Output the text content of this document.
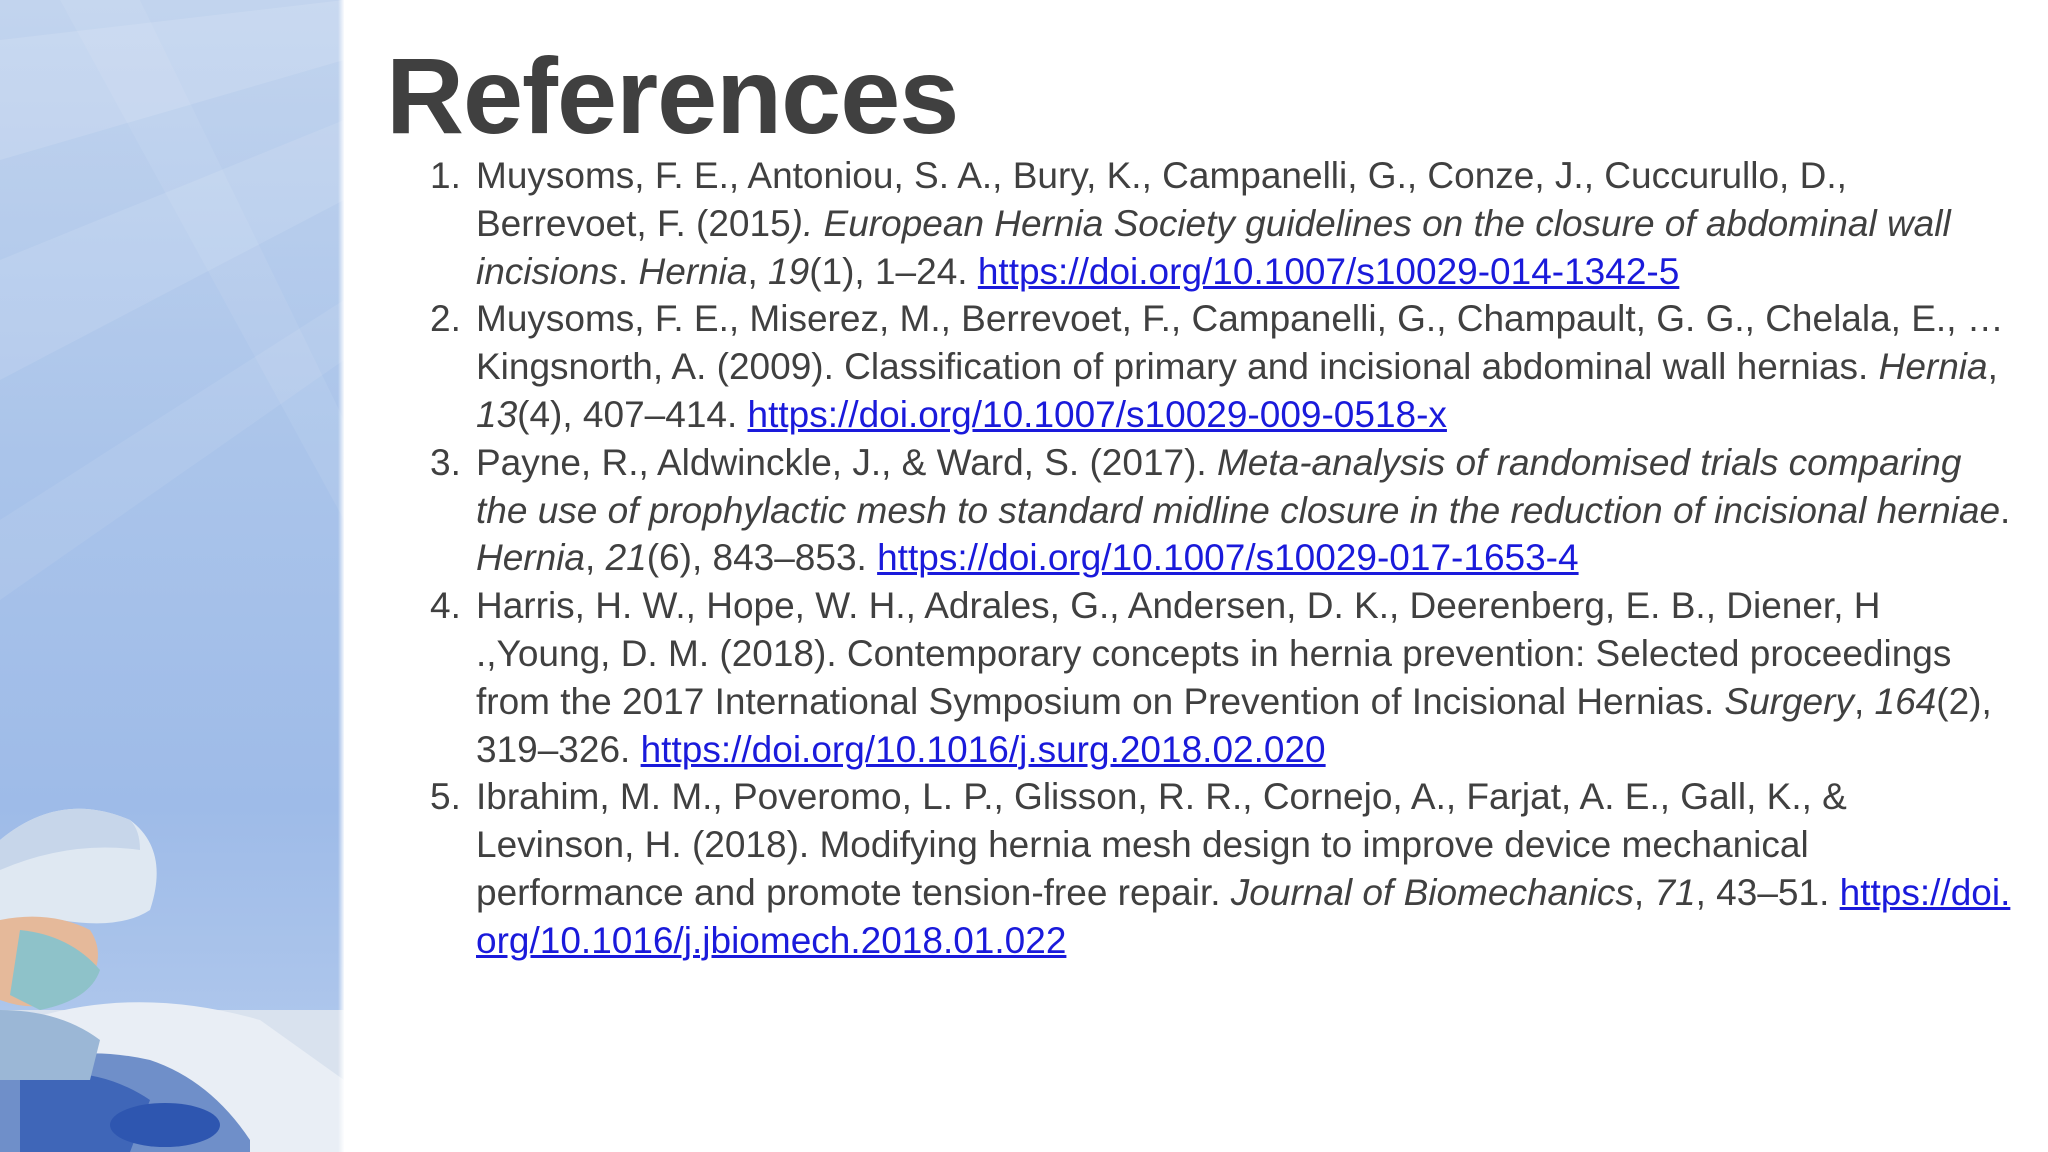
References
1. Muysoms, F. E., Antoniou, S. A., Bury, K., Campanelli, G., Conze, J., Cuccurullo, D., Berrevoet, F. (2015). European Hernia Society guidelines on the closure of abdominal wall incisions. Hernia, 19(1), 1–24. https://doi.org/10.1007/s10029-014-1342-5
2. Muysoms, F. E., Miserez, M., Berrevoet, F., Campanelli, G., Champault, G. G., Chelala, E., … Kingsnorth, A. (2009). Classification of primary and incisional abdominal wall hernias. Hernia, 13(4), 407–414. https://doi.org/10.1007/s10029-009-0518-x
3. Payne, R., Aldwinckle, J., & Ward, S. (2017). Meta-analysis of randomised trials comparing the use of prophylactic mesh to standard midline closure in the reduction of incisional herniae. Hernia, 21(6), 843–853. https://doi.org/10.1007/s10029-017-1653-4
4. Harris, H. W., Hope, W. H., Adrales, G., Andersen, D. K., Deerenberg, E. B., Diener, H .,Young, D. M. (2018). Contemporary concepts in hernia prevention: Selected proceedings from the 2017 International Symposium on Prevention of Incisional Hernias. Surgery, 164(2), 319–326. https://doi.org/10.1016/j.surg.2018.02.020
5. Ibrahim, M. M., Poveromo, L. P., Glisson, R. R., Cornejo, A., Farjat, A. E., Gall, K., & Levinson, H. (2018). Modifying hernia mesh design to improve device mechanical performance and promote tension-free repair. Journal of Biomechanics, 71, 43–51. https://doi.org/10.1016/j.jbiomech.2018.01.022
